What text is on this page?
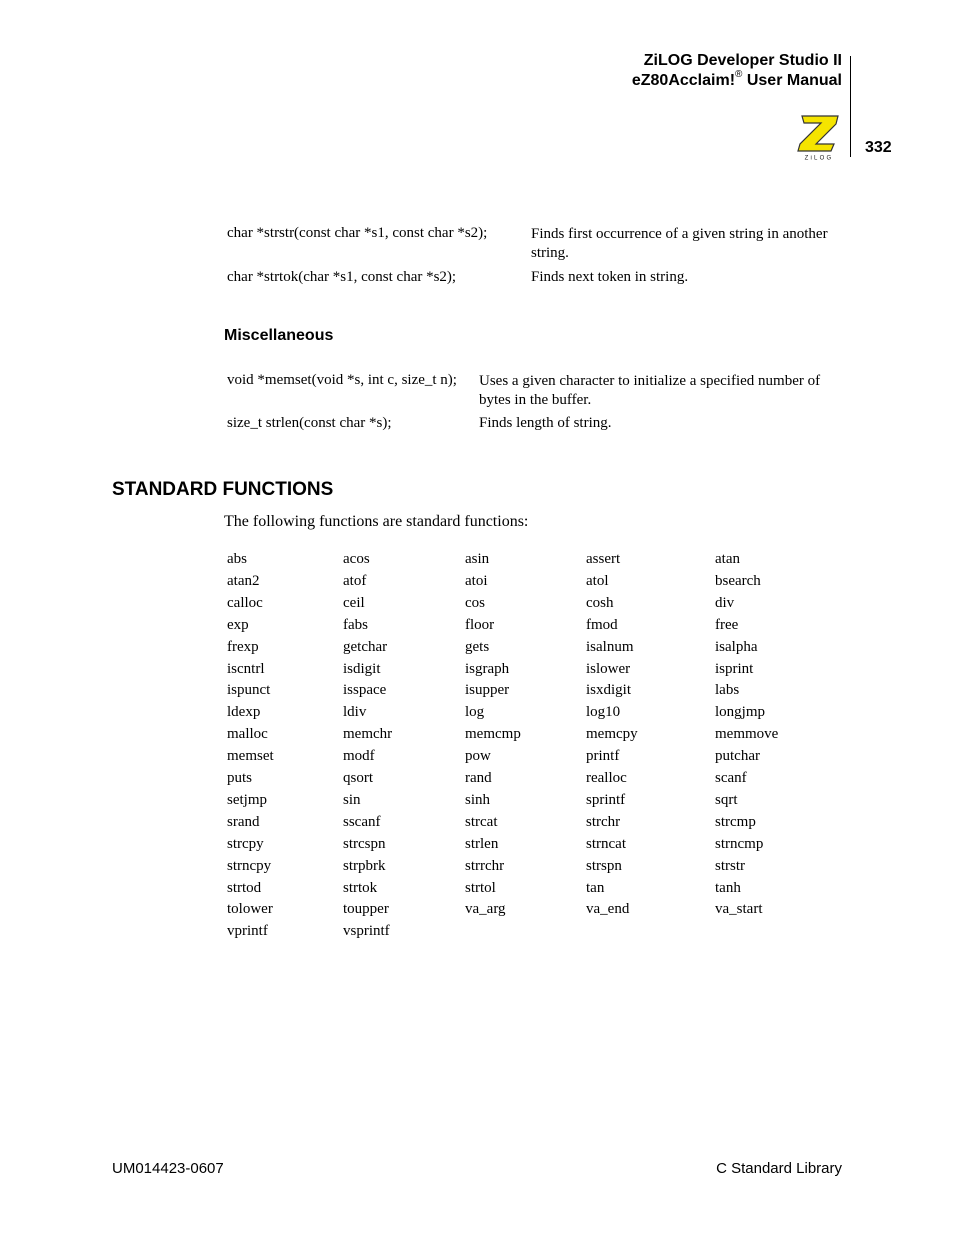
ZiLOG Developer Studio II
eZ80Acclaim!® User Manual
332
ZiLOG
char *strstr(const char *s1, const char *s2);	Finds first occurrence of a given string in another string.
char *strtok(char *s1, const char *s2);	Finds next token in string.
Miscellaneous
void *memset(void *s, int c, size_t n); Uses a given character to initialize a specified number of bytes in the buffer.
size_t strlen(const char *s);	Finds length of string.
STANDARD FUNCTIONS
The following functions are standard functions:
abs	acos	asin	assert	atan
atan2	atof	atoi	atol	bsearch
calloc	ceil	cos	cosh	div
exp	fabs	floor	fmod	free
frexp	getchar	gets	isalnum	isalpha
iscntrl	isdigit	isgraph	islower	isprint
ispunct	isspace	isupper	isxdigit	labs
ldexp	ldiv	log	log10	longjmp
malloc	memchr	memcmp	memcpy	memmove
memset	modf	pow	printf	putchar
puts	qsort	rand	realloc	scanf
setjmp	sin	sinh	sprintf	sqrt
srand	sscanf	strcat	strchr	strcmp
strcpy	strcspn	strlen	strncat	strncmp
strncpy	strpbrk	strrchr	strspn	strstr
strtod	strtok	strtol	tan	tanh
tolower	toupper	va_arg	va_end	va_start
vprintf	vsprintf
UM014423-0607	C Standard Library
